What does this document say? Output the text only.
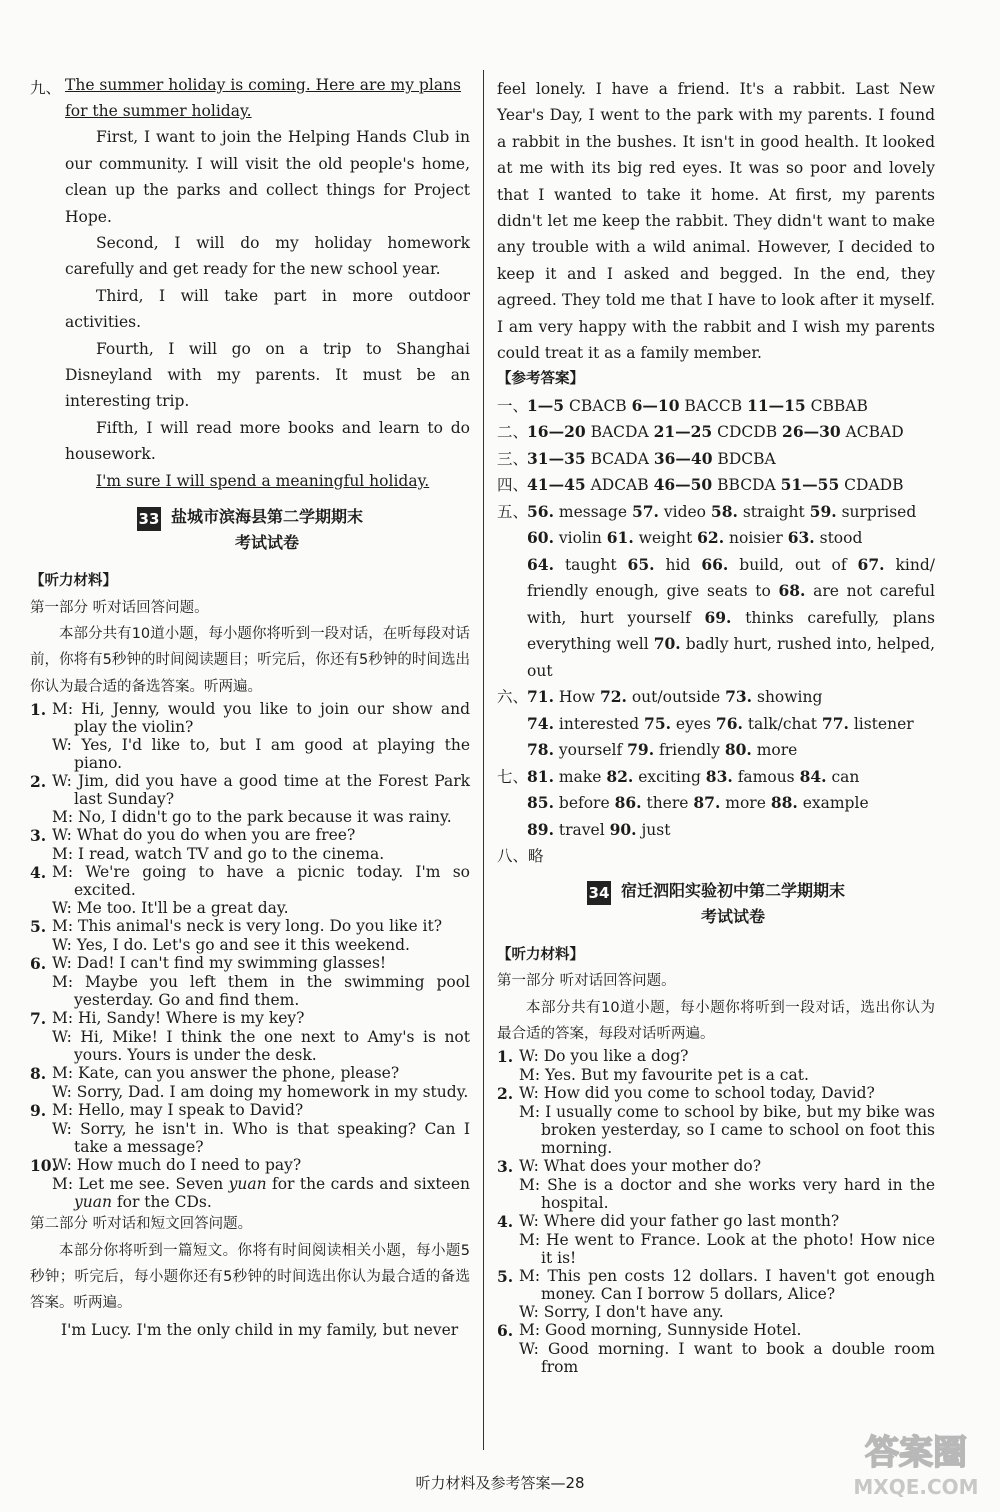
九、 The summer holiday is coming. Here are my plans

for the summer holiday.

First, I want to join the Helping Hands Club in our community. I will visit the old people's home, clean up the parks and collect things for Project Hope.

Second, I will do my holiday homework carefully and get ready for the new school year.

Third, I will take part in more outdoor activities.

Fourth, I will go on a trip to Shanghai Disneyland with my parents. It must be an interesting trip.

Fifth, I will read more books and learn to do housework.

I'm sure I will spend a meaningful holiday.

33 盐城市滨海县第二学期期末
考试试卷

【听力材料】

第一部分 听对话回答问题。

本部分共有10道小题，每小题你将听到一段对话，在听每段对话前，你将有5秒钟的时间阅读题目；听完后，你还有5秒钟的时间选出你认为最合适的备选答案。听两遍。

1. M: Hi, Jenny, would you like to join our show and play the violin?
W: Yes, I'd like to, but I am good at playing the piano.
2. W: Jim, did you have a good time at the Forest Park last Sunday?
M: No, I didn't go to the park because it was rainy.
3. W: What do you do when you are free?
M: I read, watch TV and go to the cinema.
4. M: We're going to have a picnic today. I'm so excited.
W: Me too. It'll be a great day.
5. M: This animal's neck is very long. Do you like it?
W: Yes, I do. Let's go and see it this weekend.
6. W: Dad! I can't find my swimming glasses!
M: Maybe you left them in the swimming pool yesterday. Go and find them.
7. M: Hi, Sandy! Where is my key?
W: Hi, Mike! I think the one next to Amy's is not yours. Yours is under the desk.
8. M: Kate, can you answer the phone, please?
W: Sorry, Dad. I am doing my homework in my study.
9. M: Hello, may I speak to David?
W: Sorry, he isn't in. Who is that speaking? Can I take a message?
10.
W: How much do I need to pay?
M: Let me see. Seven yuan for the cards and sixteen yuan for the CDs.

第二部分 听对话和短文回答问题。

本部分你将听到一篇短文。你将有时间阅读相关小题，每小题5秒钟；听完后，每小题你还有5秒钟的时间选出你认为最合适的备选答案。听两遍。

I'm Lucy. I'm the only child in my family, but never

feel lonely. I have a friend. It's a rabbit. Last New Year's Day, I went to the park with my parents. I found a rabbit in the bushes. It isn't in good health. It looked at me with its big red eyes. It was so poor and lovely that I wanted to take it home. At first, my parents didn't let me keep the rabbit. They didn't want to make any trouble with a wild animal. However, I decided to keep it and I asked and begged. In the end, they agreed. They told me that I have to look after it myself. I am very happy with the rabbit and I wish my parents could treat it as a family member.

【参考答案】

一、1—5 CBACB 6—10 BACCB 11—15 CBBAB

二、16—20 BACDA 21—25 CDCDB 26—30 ACBAD

三、31—35 BCADA 36—40 BDCBA

四、41—45 ADCAB 46—50 BBCDA 51—55 CDADB

五、56. message 57. video 58. straight 59. surprised

60. violin 61. weight 62. noisier 63. stood

64. taught 65. hid 66. build, out of 67. kind/ friendly enough, give seats to 68. are not careful with, hurt yourself 69. thinks carefully, plans everything well 70. badly hurt, rushed into, helped, out

六、71. How 72. out/outside 73. showing

74. interested 75. eyes 76. talk/chat 77. listener

78. yourself 79. friendly 80. more

七、81. make 82. exciting 83. famous 84. can

85. before 86. there 87. more 88. example

89. travel 90. just

八、略

34 宿迁泗阳实验初中第二学期期末
考试试卷

【听力材料】

第一部分 听对话回答问题。

本部分共有10道小题，每小题你将听到一段对话，选出你认为最合适的答案，每段对话听两遍。

1. W: Do you like a dog?
M: Yes. But my favourite pet is a cat.
2. W: How did you come to school today, David?
M: I usually come to school by bike, but my bike was broken yesterday, so I came to school on foot this morning.
3. W: What does your mother do?
M: She is a doctor and she works very hard in the hospital.
4. W: Where did your father go last month?
M: He went to France. Look at the photo! How nice it is!
5. M: This pen costs 12 dollars. I haven't got enough money. Can I borrow 5 dollars, Alice?
W: Sorry, I don't have any.
6. M: Good morning, Sunnyside Hotel.
W: Good morning. I want to book a double room from
听力材料及参考答案—28
答案圈
MXQE.COM
